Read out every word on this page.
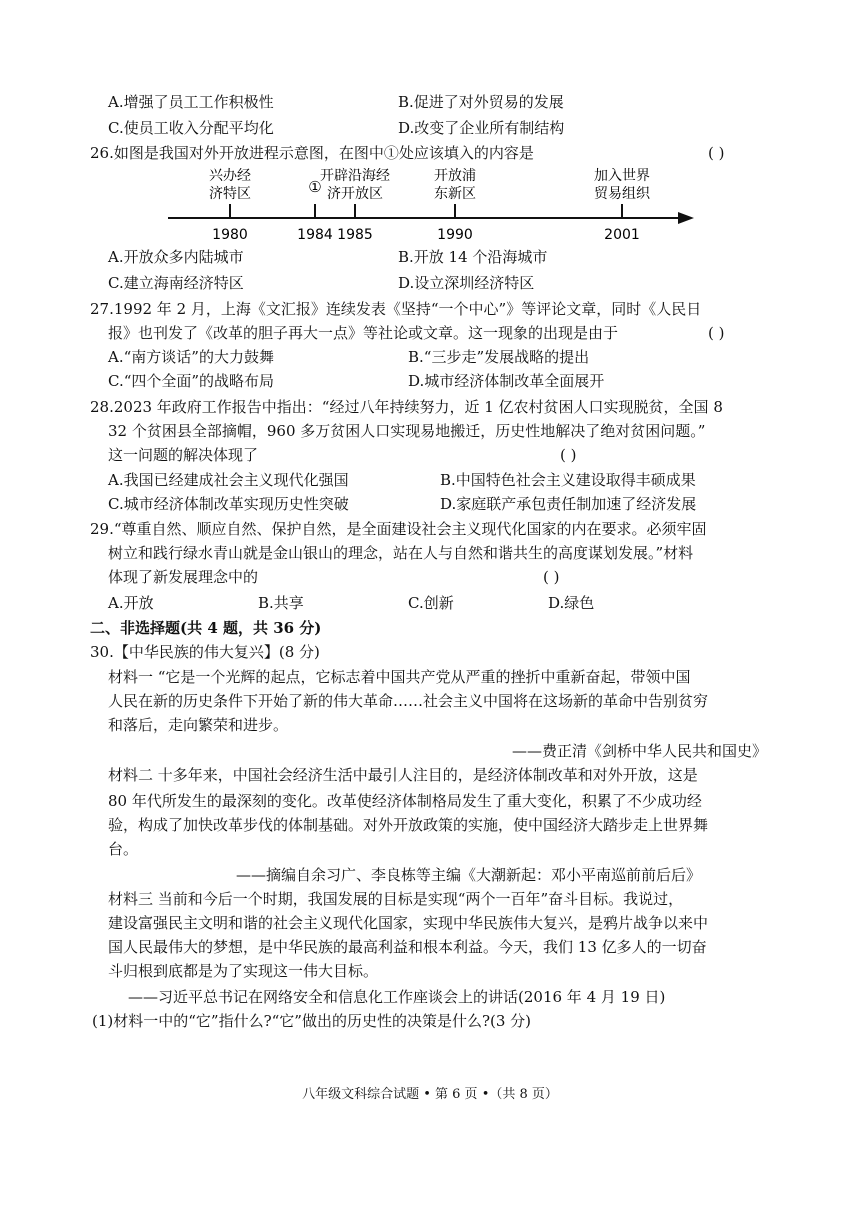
A.增强了员工工作积极性	B.促进了对外贸易的发展
C.使员工收入分配平均化	D.改变了企业所有制结构
26.如图是我国对外开放进程示意图，在图中①处应该填入的内容是	( )
兴办经
济特区
1980
①
1984
开辟沿海经
济开放区
1985
开放浦
东新区
1990
加入世界
贸易组织
2001
A.开放众多内陆城市	B.开放 14 个沿海城市
C.建立海南经济特区	D.设立深圳经济特区
27.1992 年 2 月，上海《文汇报》连续发表《坚持“一个中心”》等评论文章，同时《人民日
报》也刊发了《改革的胆子再大一点》等社论或文章。这一现象的出现是由于	( )
A.“南方谈话”的大力鼓舞	B.“三步走”发展战略的提出
C.“四个全面”的战略布局	D.城市经济体制改革全面展开
28.2023 年政府工作报告中指出：“经过八年持续努力，近 1 亿农村贫困人口实现脱贫，全国 8
32 个贫困县全部摘帽，960 多万贫困人口实现易地搬迁，历史性地解决了绝对贫困问题。”
这一问题的解决体现了	( )
A.我国已经建成社会主义现代化强国	B.中国特色社会主义建设取得丰硕成果
C.城市经济体制改革实现历史性突破	D.家庭联产承包责任制加速了经济发展
29.“尊重自然、顺应自然、保护自然，是全面建设社会主义现代化国家的内在要求。必须牢固
树立和践行绿水青山就是金山银山的理念，站在人与自然和谐共生的高度谋划发展。”材料
体现了新发展理念中的	( )
A.开放	B.共享	C.创新	D.绿色
二、非选择题(共 4 题，共 36 分)
30.【中华民族的伟大复兴】(8 分)
材料一 “它是一个光辉的起点，它标志着中国共产党从严重的挫折中重新奋起，带领中国
人民在新的历史条件下开始了新的伟大革命……社会主义中国将在这场新的革命中告别贫穷
和落后，走向繁荣和进步。
——费正清《剑桥中华人民共和国史》
材料二 十多年来，中国社会经济生活中最引人注目的，是经济体制改革和对外开放，这是
80 年代所发生的最深刻的变化。改革使经济体制格局发生了重大变化，积累了不少成功经
验，构成了加快改革步伐的体制基础。对外开放政策的实施，使中国经济大踏步走上世界舞
台。
——摘编自余习广、李良栋等主编《大潮新起：邓小平南巡前前后后》
材料三 当前和今后一个时期，我国发展的目标是实现“两个一百年”奋斗目标。我说过，
建设富强民主文明和谐的社会主义现代化国家，实现中华民族伟大复兴，是鸦片战争以来中
国人民最伟大的梦想，是中华民族的最高利益和根本利益。今天，我们 13 亿多人的一切奋
斗归根到底都是为了实现这一伟大目标。
——习近平总书记在网络安全和信息化工作座谈会上的讲话(2016 年 4 月 19 日)
(1)材料一中的“它”指什么?“它”做出的历史性的决策是什么?(3 分)
八年级文科综合试题 • 第 6 页 •（共 8 页）
